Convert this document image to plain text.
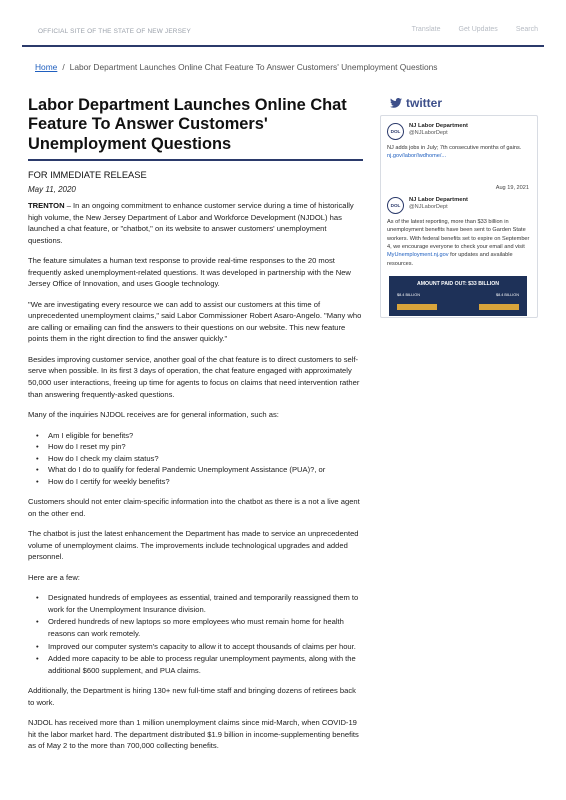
OFFICIAL SITE OF THE STATE OF NEW JERSEY	Translate	Get Updates	Search
Home / Labor Department Launches Online Chat Feature To Answer Customers' Unemployment Questions
Labor Department Launches Online Chat Feature To Answer Customers' Unemployment Questions
FOR IMMEDIATE RELEASE
May 11, 2020

TRENTON – In an ongoing commitment to enhance customer service during a time of historically high volume, the New Jersey Department of Labor and Workforce Development (NJDOL) has launched a chat feature, or "chatbot," on its website to answer customers' unemployment questions.

The feature simulates a human text response to provide real-time responses to the 20 most frequently asked unemployment-related questions. It was developed in partnership with the New Jersey Office of Innovation, and uses Google technology.

"We are investigating every resource we can add to assist our customers at this time of unprecedented unemployment claims," said Labor Commissioner Robert Asaro-Angelo. "Many who are calling or emailing can find the answers to their questions on our website. This new feature points them in the right direction to find the answer quickly."

Besides improving customer service, another goal of the chat feature is to direct customers to self-serve when possible. In its first 3 days of operation, the chat feature engaged with approximately 50,000 user interactions, freeing up time for agents to focus on claims that need intervention rather than answering frequently-asked questions.

Many of the inquiries NJDOL receives are for general information, such as:

• Am I eligible for benefits?
• How do I reset my pin?
• How do I check my claim status?
• What do I do to qualify for federal Pandemic Unemployment Assistance (PUA)?, or
• How do I certify for weekly benefits?

Customers should not enter claim-specific information into the chatbot as there is a not a live agent on the other end.

The chatbot is just the latest enhancement the Department has made to service an unprecedented volume of unemployment claims. The improvements include technological upgrades and added personnel.

Here are a few:

• Designated hundreds of employees as essential, trained and temporarily reassigned them to work for the Unemployment Insurance division.
• Ordered hundreds of new laptops so more employees who must remain home for health reasons can work remotely.
• Improved our computer system's capacity to allow it to accept thousands of claims per hour.
• Added more capacity to be able to process regular unemployment payments, along with the additional $600 supplement, and PUA claims.

Additionally, the Department is hiring 130+ new full-time staff and bringing dozens of retirees back to work.

NJDOL has received more than 1 million unemployment claims since mid-March, when COVID-19 hit the labor market hard. The department distributed $1.9 billion in income-supplementing benefits as of May 2 to the more than 700,000 collecting benefits.

twitter
DOL
NJ Labor Department
@NJLaborDept
NJ adds jobs in July; 7th consecutive months of gains. nj.gov/labor/lwdhome/...
Aug 19, 2021
DOL
NJ Labor Department
@NJLaborDept
As of the latest reporting, more than $33 billion in unemployment benefits have been sent to Garden State workers. With federal benefits set to expire on September 4, we encourage everyone to check your email and visit MyUnemployment.nj.gov for updates and available resources.
AMOUNT PAID OUT: $33 BILLION
$8.4 BILLION	$8.4 BILLION
